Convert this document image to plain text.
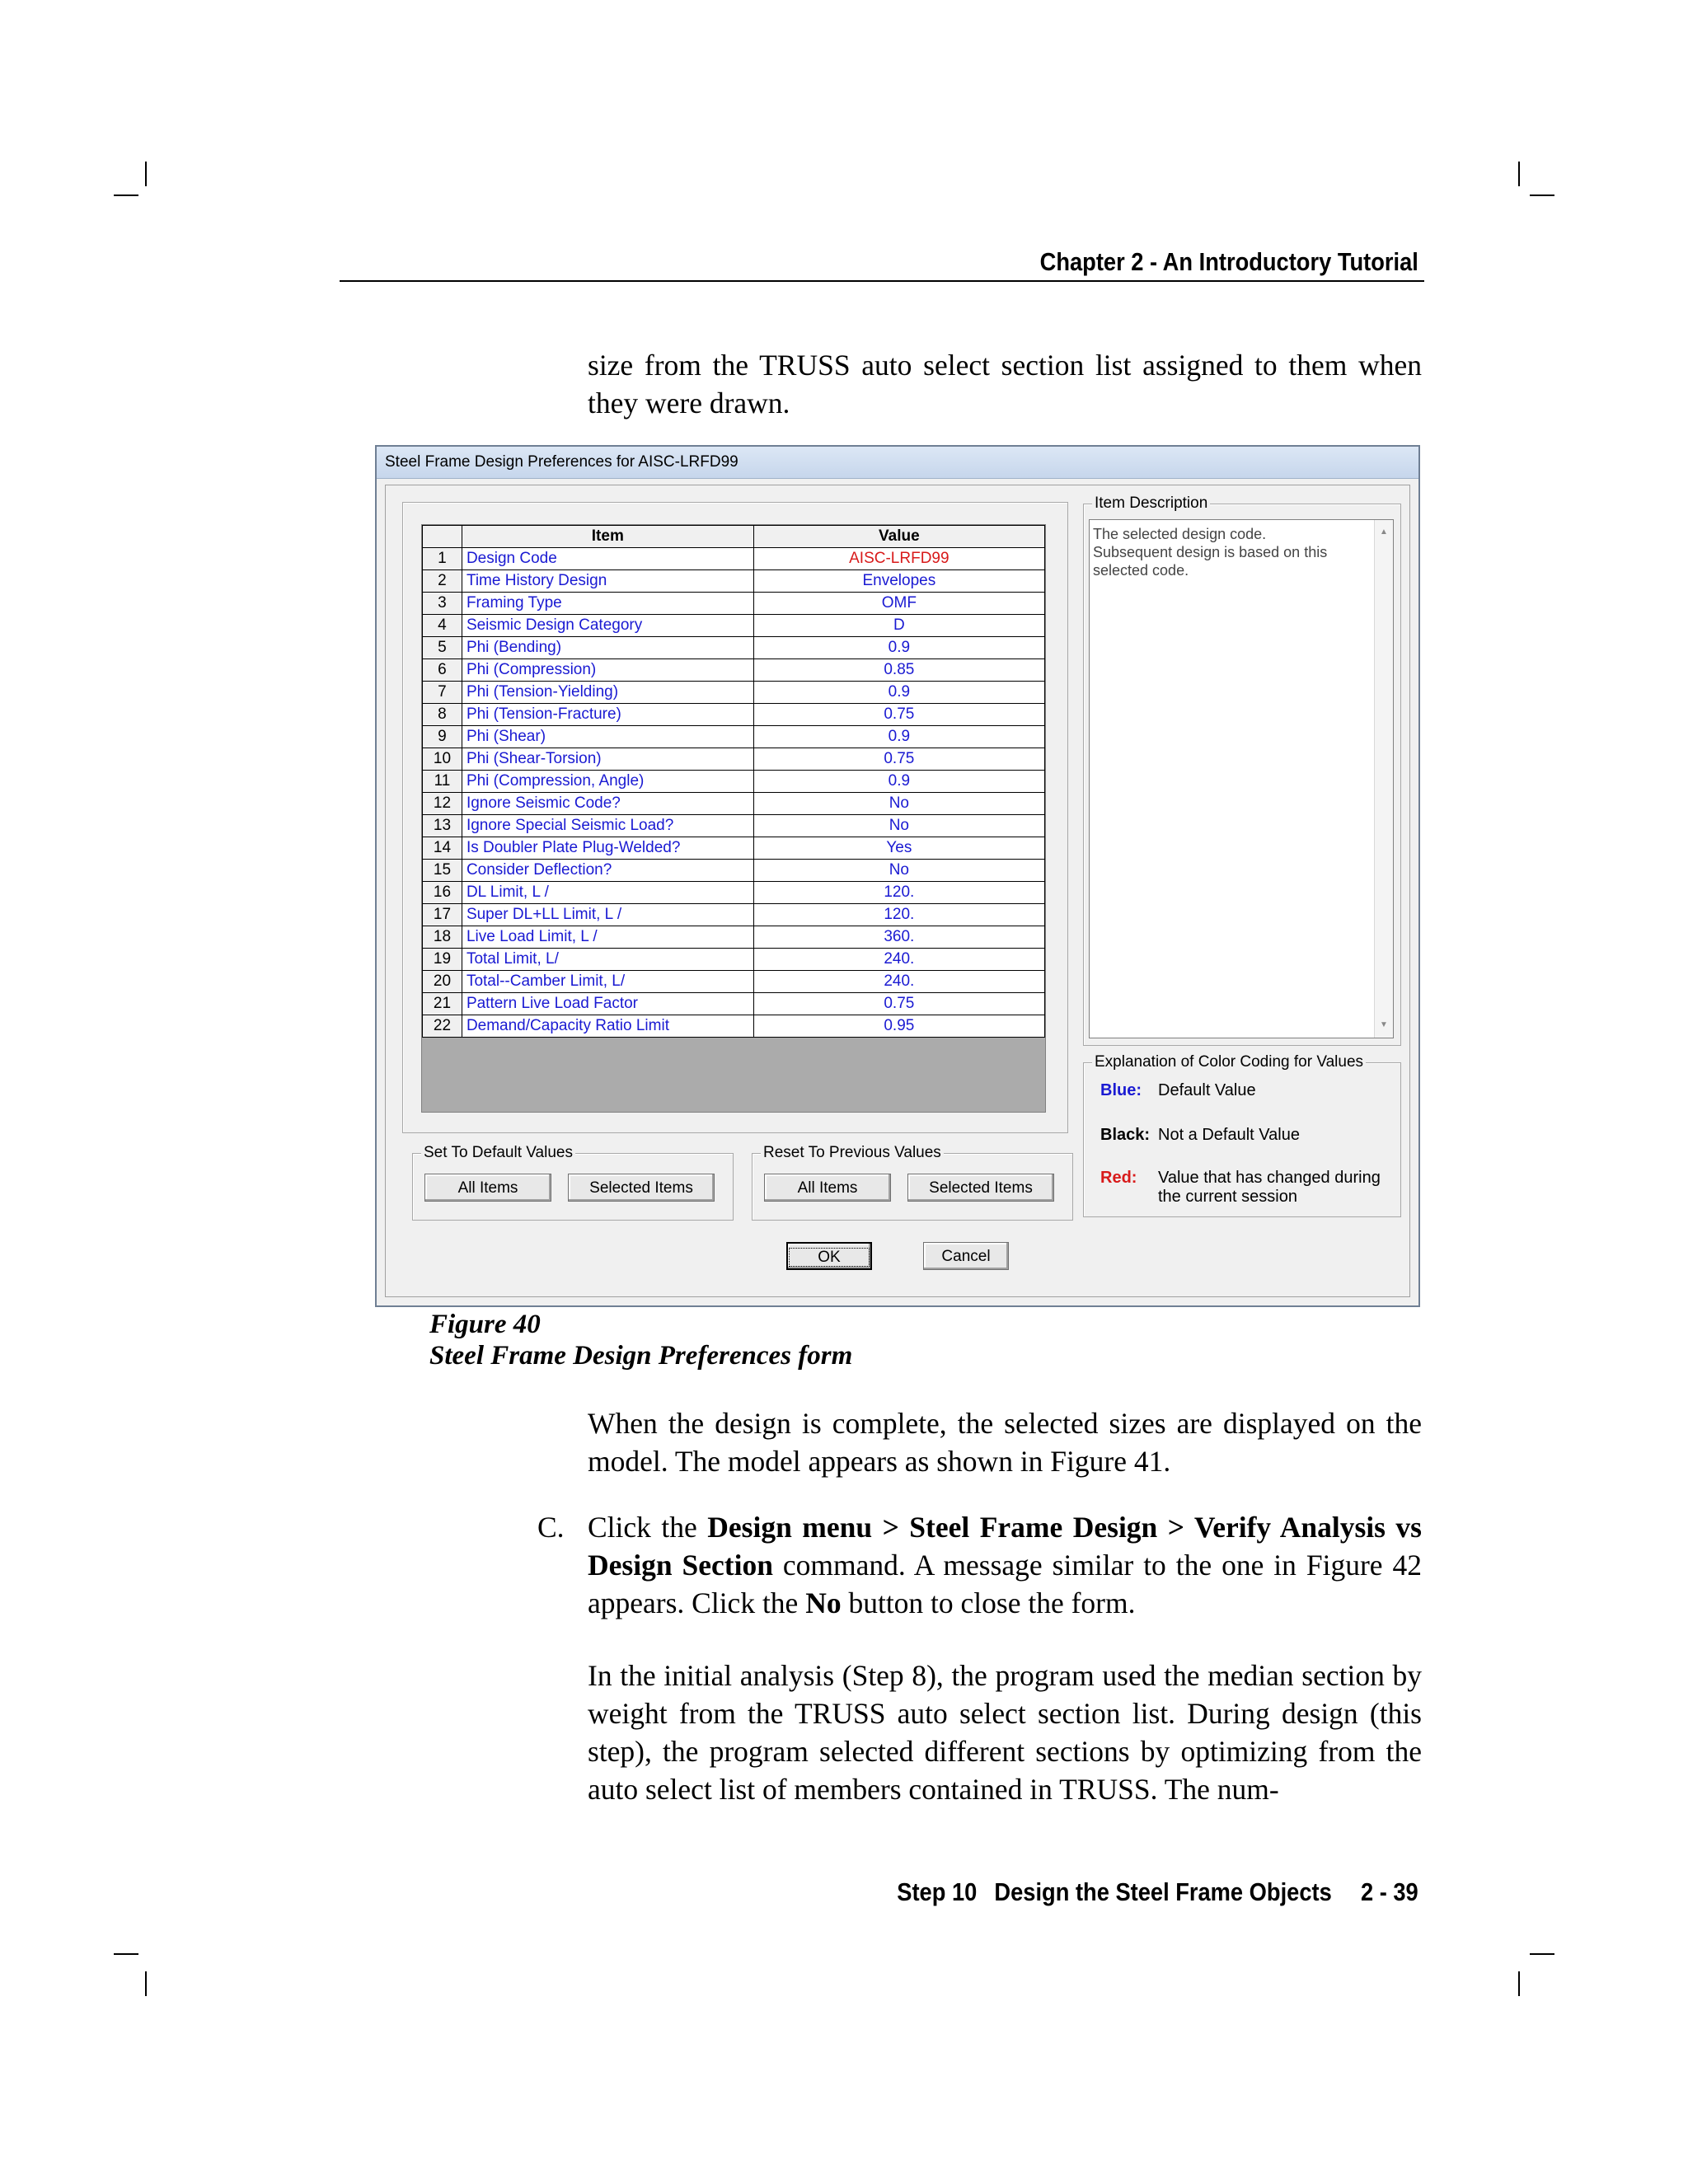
Chapter 2 - An Introductory Tutorial

size from the TRUSS auto select section list assigned to them when they were drawn.

Steel Frame Design Preferences for AISC-LRFD99
	Item	Value
1	Design Code	AISC-LRFD99
2	Time History Design	Envelopes
3	Framing Type	OMF
4	Seismic Design Category	D
5	Phi (Bending)	0.9
6	Phi (Compression)	0.85
7	Phi (Tension-Yielding)	0.9
8	Phi (Tension-Fracture)	0.75
9	Phi (Shear)	0.9
10	Phi (Shear-Torsion)	0.75
11	Phi (Compression, Angle)	0.9
12	Ignore Seismic Code?	No
13	Ignore Special Seismic Load?	No
14	Is Doubler Plate Plug-Welded?	Yes
15	Consider Deflection?	No
16	DL Limit, L /	120.
17	Super DL+LL Limit, L /	120.
18	Live Load Limit, L /	360.
19	Total Limit, L/	240.
20	Total--Camber Limit, L/	240.
21	Pattern Live Load Factor	0.75
22	Demand/Capacity Ratio Limit	0.95
Item Description
The selected design code. Subsequent design is based on this selected code.
▲
▼
Explanation of Color Coding for Values
Blue: Default Value
Black: Not a Default Value
Red: Value that has changed during
the current session
Set To Default Values
All Items	Selected Items
Reset To Previous Values
All Items	Selected Items
OK	Cancel
Figure 40
Steel Frame Design Preferences form

When the design is complete, the selected sizes are displayed on the model. The model appears as shown in Figure 41.

C. Click the Design menu > Steel Frame Design > Verify Analysis vs Design Section command. A message similar to the one in Figure 42 appears. Click the No button to close the form.

In the initial analysis (Step 8), the program used the median section by weight from the TRUSS auto select section list. During design (this step), the program selected different sections by optimizing from the auto select list of members contained in TRUSS. The num-

Step 10 Design the Steel Frame Objects 2 - 39
